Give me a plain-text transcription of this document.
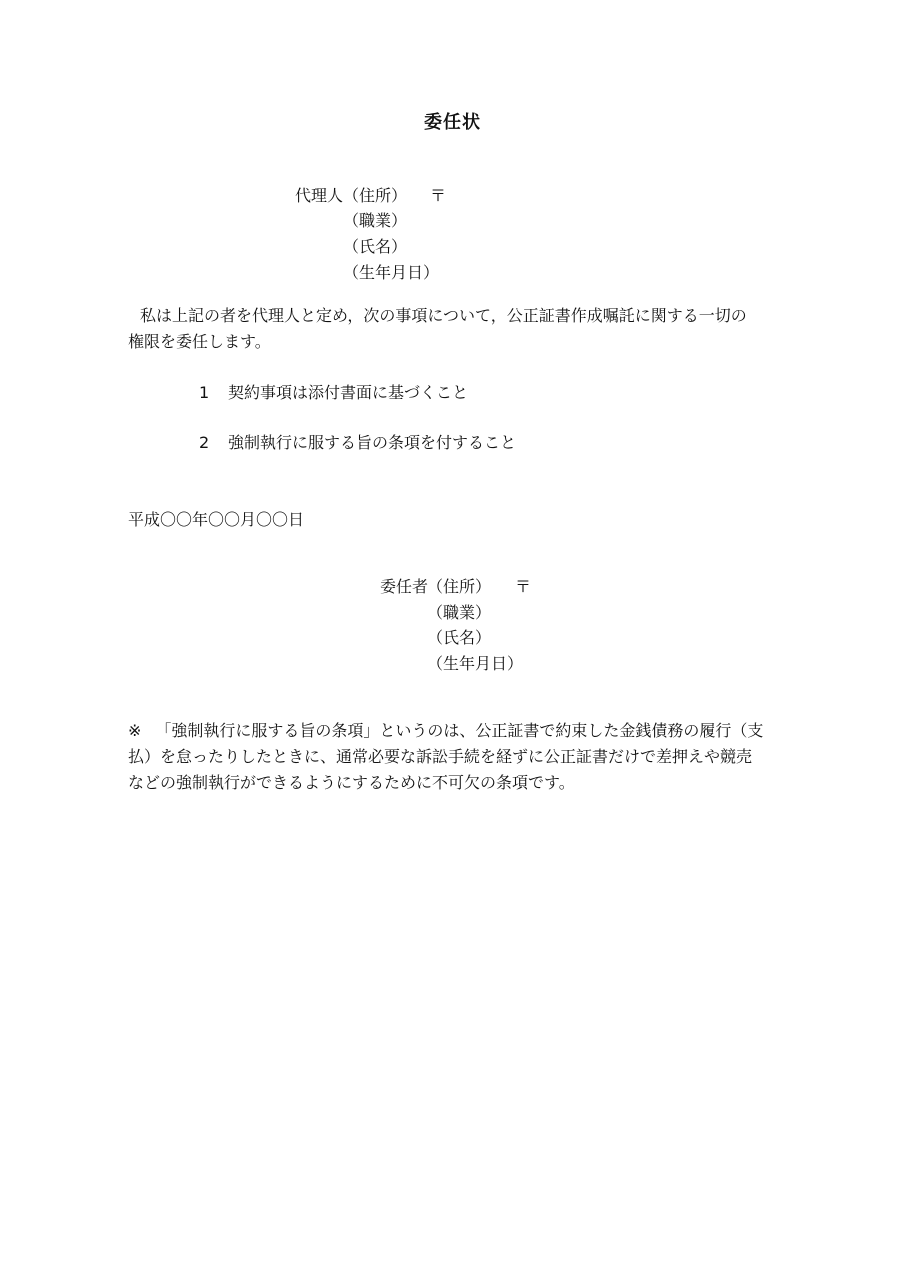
委任状
代理人 （住所） 〒
（職業）
（氏名）
（生年月日）
私は上記の者を代理人と定め，次の事項について，公正証書作成嘱託に関する一切の
権限を委任します。
1 契約事項は添付書面に基づくこと
2 強制執行に服する旨の条項を付すること
平成〇〇年〇〇月〇〇日
委任者
（住所） 〒
（職業）
（氏名）
（生年月日）
※ 「強制執行に服する旨の条項」というのは、公正証書で約束した金銭債務の履行（支
払）を怠ったりしたときに、通常必要な訴訟手続を経ずに公正証書だけで差押えや競売
などの強制執行ができるようにするために不可欠の条項です。
